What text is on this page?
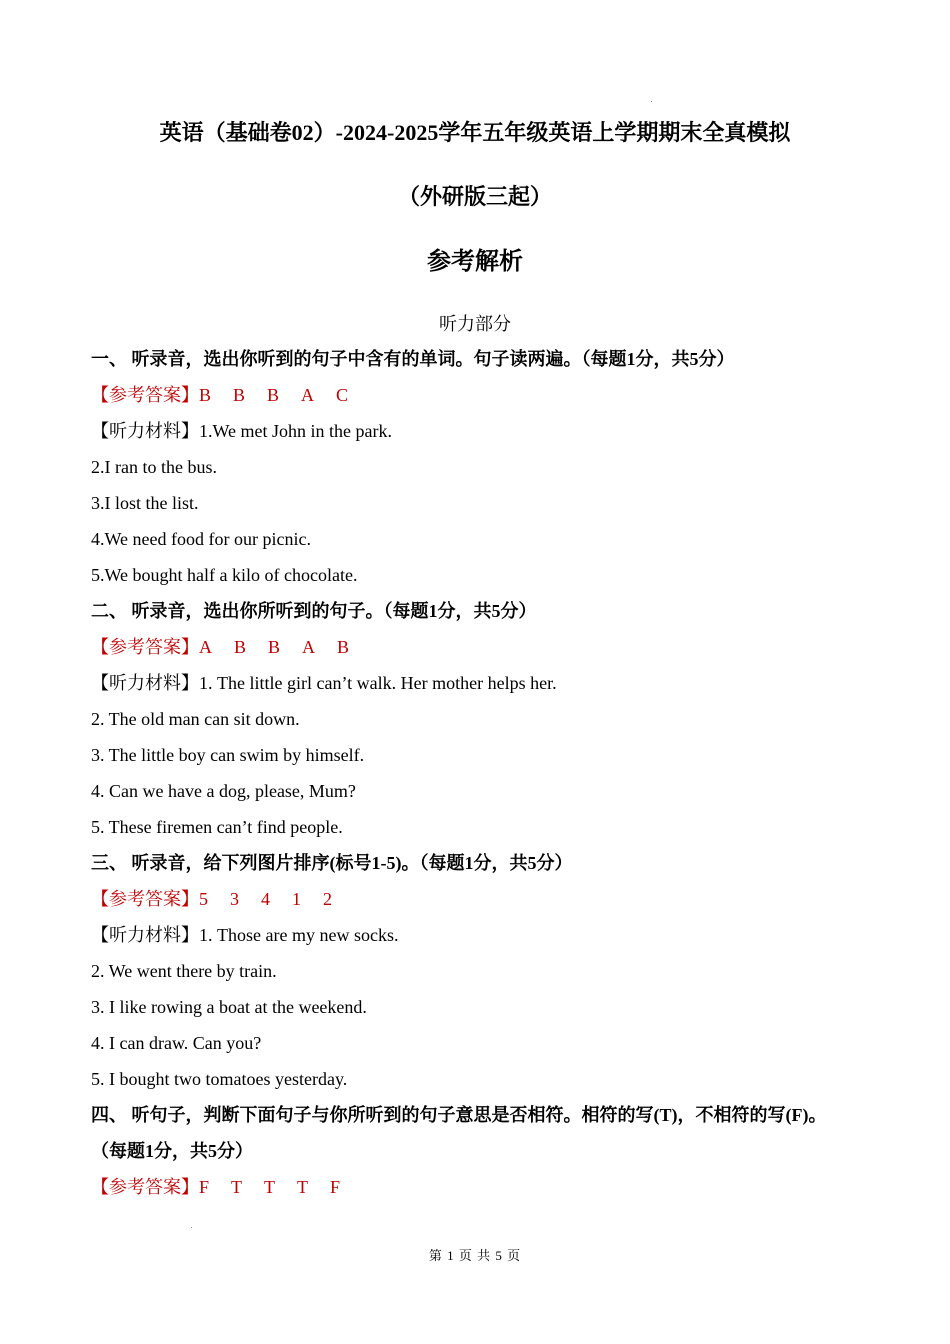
英语（基础卷02）-2024-2025学年五年级英语上学期期末全真模拟
（外研版三起）
参考解析
听力部分
一、 听录音，选出你听到的句子中含有的单词。句子读两遍。（每题1分，共5分）
【参考答案】B B B A C
【听力材料】1.We met John in the park.
2.I ran to the bus.
3.I lost the list.
4.We need food for our picnic.
5.We bought half a kilo of chocolate.
二、 听录音，选出你所听到的句子。（每题1分，共5分）
【参考答案】A B B A B
【听力材料】1. The little girl can’t walk. Her mother helps her.
2. The old man can sit down.
3. The little boy can swim by himself.
4. Can we have a dog, please, Mum?
5. These firemen can’t find people.
三、 听录音，给下列图片排序(标号1-5)。（每题1分，共5分）
【参考答案】5 3 4 1 2
【听力材料】1. Those are my new socks.
2. We went there by train.
3. I like rowing a boat at the weekend.
4. I can draw. Can you?
5. I bought two tomatoes yesterday.
四、 听句子，判断下面句子与你所听到的句子意思是否相符。相符的写(T)，不相符的写(F)。（每题1分，共5分）
【参考答案】F T T T F
第 1 页 共 5 页
